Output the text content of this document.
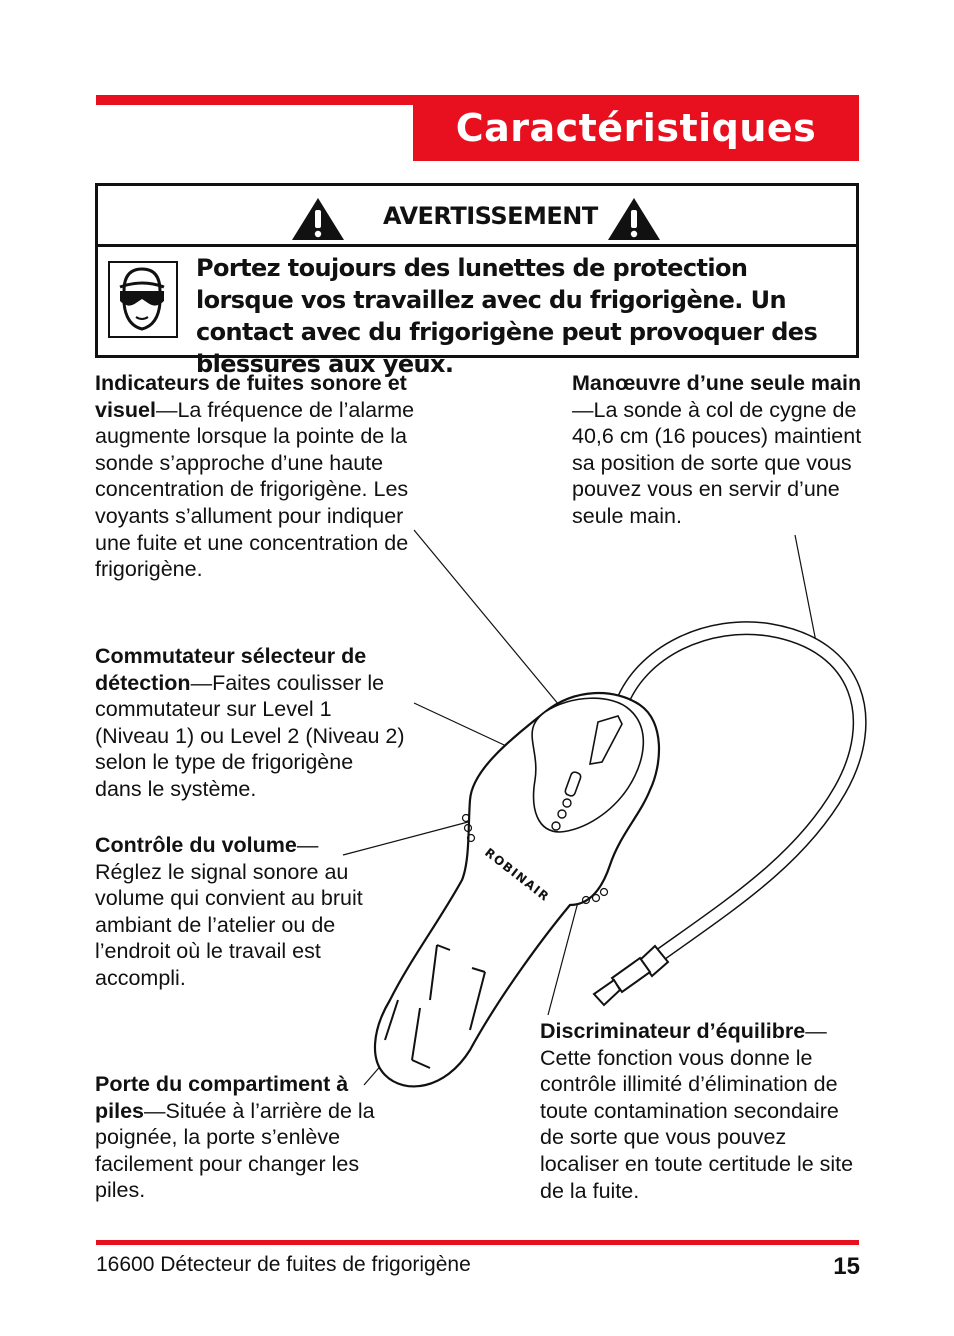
Caractéristiques
AVERTISSEMENT
Portez toujours des lunettes de protection lorsque vos travaillez avec du frigorigène. Un contact avec du frigorigène peut provoquer des blessures aux yeux.
Indicateurs de fuites sonore et visuel—La fréquence de l’alarme augmente lorsque la pointe de la sonde s’approche d’une haute concentration de frigorigène. Les voyants s’allument pour indiquer une fuite et une concentration de frigorigène.
Manœuvre d’une seule main—La sonde à col de cygne de 40,6 cm (16 pouces) maintient sa position de sorte que vous pouvez vous en servir d’une seule main.
Commutateur sélecteur de détection—Faites coulisser le commutateur sur Level 1 (Niveau 1) ou Level 2 (Niveau 2) selon le type de frigorigène dans le système.
Contrôle du volume— Réglez le signal sonore au volume qui convient au bruit ambiant de l’atelier ou de l’endroit où le travail est accompli.
Porte du compartiment à piles—Située à l’arrière de la poignée, la porte s’enlève facilement pour changer les piles.
Discriminateur d’équilibre— Cette fonction vous donne le contrôle illimité d’élimination de toute contamination secondaire de sorte que vous pouvez localiser en toute certitude le site de la fuite.
ROBINAIR
16600 Détecteur de fuites de frigorigène	15
